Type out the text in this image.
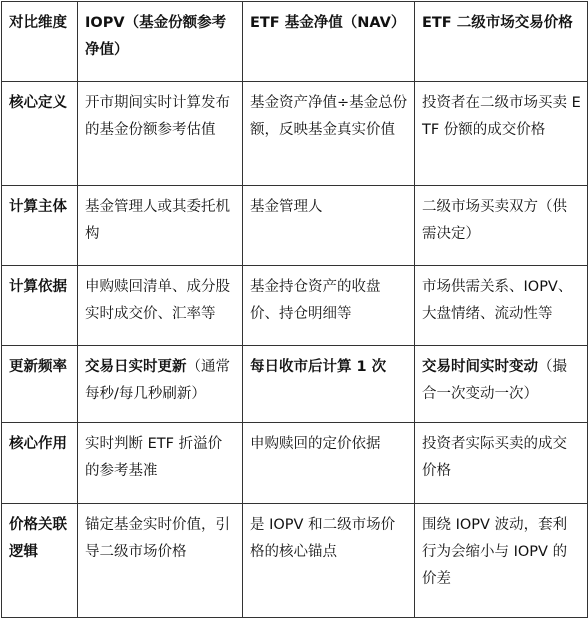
对比维度	IOPV（基金份额参考净值）	ETF 基金净值（NAV）	ETF 二级市场交易价格
核心定义	开市期间实时计算发布的基金份额参考估值	基金资产净值÷基金总份额，反映基金真实价值	投资者在二级市场买卖 ETF 份额的成交价格
计算主体	基金管理人或其委托机构	基金管理人	二级市场买卖双方（供需决定）
计算依据	申购赎回清单、成分股实时成交价、汇率等	基金持仓资产的收盘价、持仓明细等	市场供需关系、IOPV、大盘情绪、流动性等
更新频率	交易日实时更新（通常每秒/每几秒刷新）	每日收市后计算 1 次	交易时间实时变动（撮合一次变动一次）
核心作用	实时判断 ETF 折溢价的参考基准	申购赎回的定价依据	投资者实际买卖的成交价格
价格关联逻辑	锚定基金实时价值，引导二级市场价格	是 IOPV 和二级市场价格的核心锚点	围绕 IOPV 波动，套利行为会缩小与 IOPV 的价差
